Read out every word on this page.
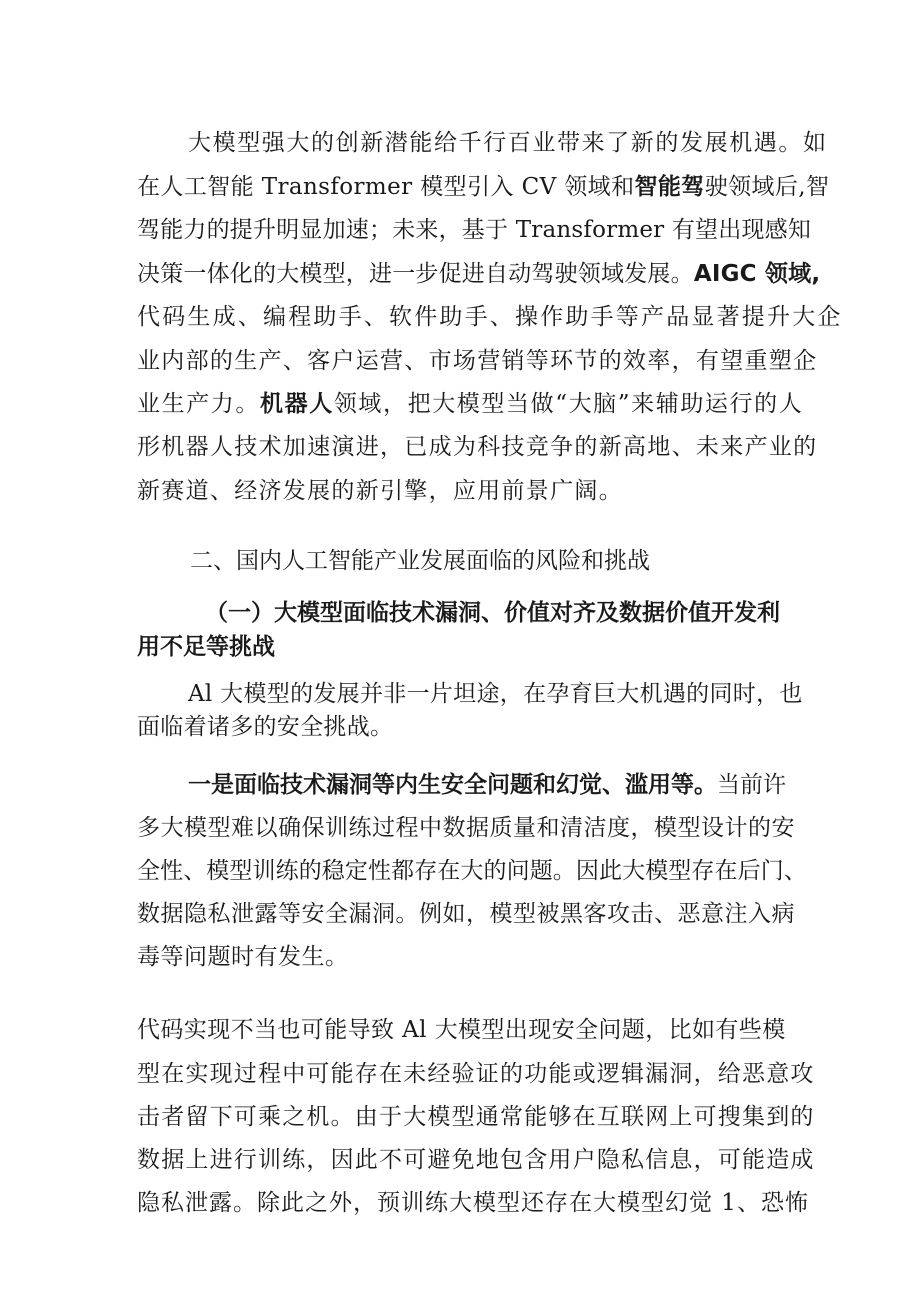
大模型强大的创新潜能给千行百业带来了新的发展机遇。如
在人工智能 Transformer 模型引入 CV 领域和智能驾驶领域后,智
驾能力的提升明显加速；未来，基于 Transformer 有望出现感知
决策一体化的大模型，进一步促进自动驾驶领域发展。AIGC 领域,
代码生成、编程助手、软件助手、操作助手等产品显著提升大企
业内部的生产、客户运营、市场营销等环节的效率，有望重塑企
业生产力。机器人领域，把大模型当做“大脑”来辅助运行的人
形机器人技术加速演进，已成为科技竞争的新高地、未来产业的
新赛道、经济发展的新引擎，应用前景广阔。
二、国内人工智能产业发展面临的风险和挑战
（一）大模型面临技术漏洞、价值对齐及数据价值开发利
用不足等挑战
Al 大模型的发展并非一片坦途，在孕育巨大机遇的同时，也
面临着诸多的安全挑战。
一是面临技术漏洞等内生安全问题和幻觉、滥用等。当前许
多大模型难以确保训练过程中数据质量和清洁度，模型设计的安
全性、模型训练的稳定性都存在大的问题。因此大模型存在后门、
数据隐私泄露等安全漏洞。例如，模型被黑客攻击、恶意注入病
毒等问题时有发生。
代码实现不当也可能导致 Al 大模型出现安全问题，比如有些模
型在实现过程中可能存在未经验证的功能或逻辑漏洞，给恶意攻
击者留下可乘之机。由于大模型通常能够在互联网上可搜集到的
数据上进行训练，因此不可避免地包含用户隐私信息，可能造成
隐私泄露。除此之外，预训练大模型还存在大模型幻觉 1、恐怖
